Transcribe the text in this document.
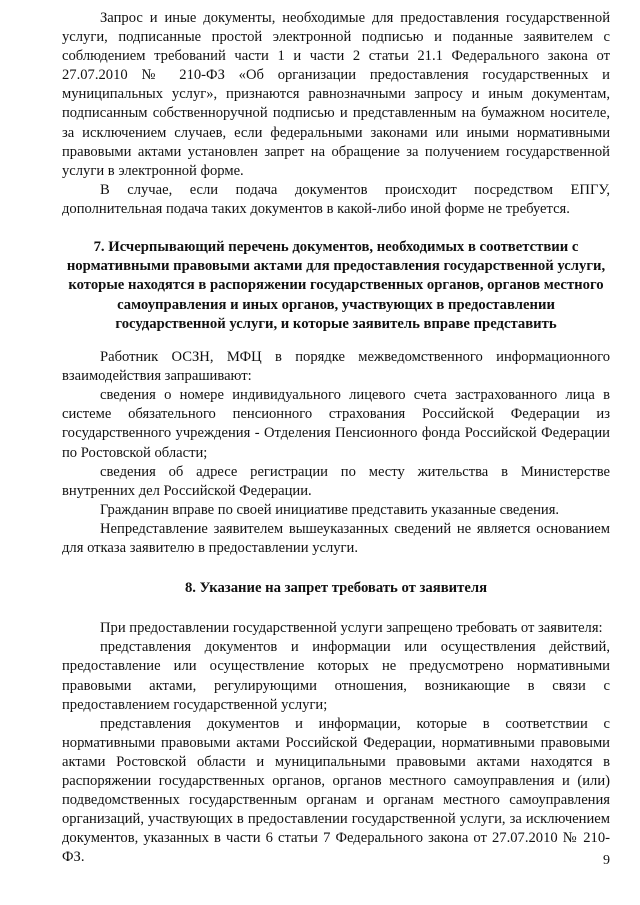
Запрос и иные документы, необходимые для предоставления государственной услуги, подписанные простой электронной подписью и поданные заявителем с соблюдением требований части 1 и части 2 статьи 21.1 Федерального закона от 27.07.2010 № 210-ФЗ «Об организации предоставления государственных и муниципальных услуг», признаются равнозначными запросу и иным документам, подписанным собственноручной подписью и представленным на бумажном носителе, за исключением случаев, если федеральными законами или иными нормативными правовыми актами установлен запрет на обращение за получением государственной услуги в электронной форме.

В случае, если подача документов происходит посредством ЕПГУ, дополнительная подача таких документов в какой-либо иной форме не требуется.

7. Исчерпывающий перечень документов, необходимых в соответствии с нормативными правовыми актами для предоставления государственной услуги, которые находятся в распоряжении государственных органов, органов местного самоуправления и иных органов, участвующих в предоставлении государственной услуги, и которые заявитель вправе представить

Работник ОСЗН, МФЦ в порядке межведомственного информационного взаимодействия запрашивают:

сведения о номере индивидуального лицевого счета застрахованного лица в системе обязательного пенсионного страхования Российской Федерации из государственного учреждения - Отделения Пенсионного фонда Российской Федерации по Ростовской области;

сведения об адресе регистрации по месту жительства в Министерстве внутренних дел Российской Федерации.

Гражданин вправе по своей инициативе представить указанные сведения.

Непредставление заявителем вышеуказанных сведений не является основанием для отказа заявителю в предоставлении услуги.

8. Указание на запрет требовать от заявителя

При предоставлении государственной услуги запрещено требовать от заявителя:

представления документов и информации или осуществления действий, предоставление или осуществление которых не предусмотрено нормативными правовыми актами, регулирующими отношения, возникающие в связи с предоставлением государственной услуги;

представления документов и информации, которые в соответствии с нормативными правовыми актами Российской Федерации, нормативными правовыми актами Ростовской области и муниципальными правовыми актами находятся в распоряжении государственных органов, органов местного самоуправления и (или) подведомственных государственным органам и органам местного самоуправления организаций, участвующих в предоставлении государственной услуги, за исключением документов, указанных в части 6 статьи 7 Федерального закона от 27.07.2010 № 210-ФЗ.	9
